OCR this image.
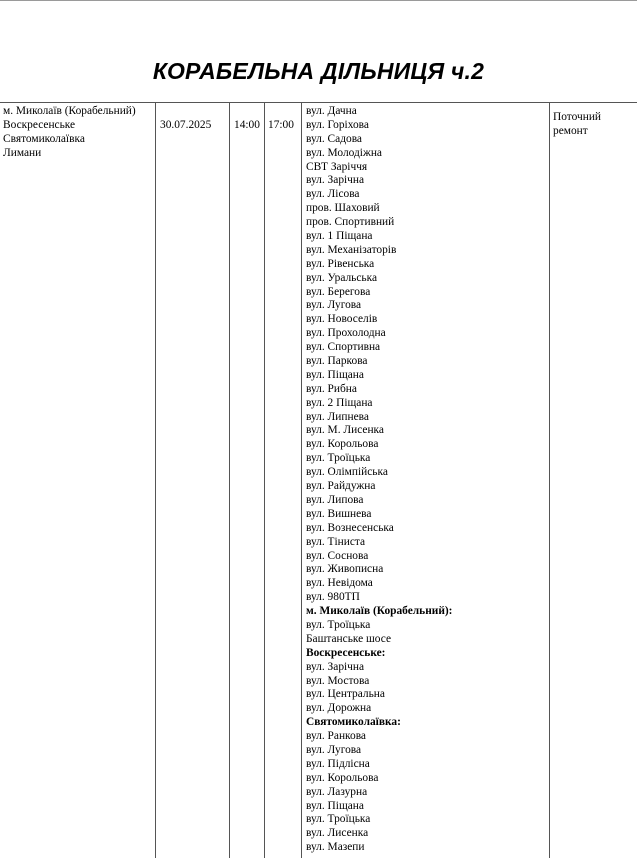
КОРАБЕЛЬНА ДІЛЬНИЦЯ ч.2
м. Миколаїв (Корабельний)
Воскресенське
Святомиколаївка
Лимани
30.07.2025 14:00 17:00
вул. Дачна
вул. Горіхова
вул. Садова
вул. Молодіжна
СВТ Заріччя
вул. Зарічна
вул. Лісова
пров. Шаховий
пров. Спортивний
вул. 1 Піщана
вул. Механізаторів
вул. Рівенська
вул. Уральська
вул. Берегова
вул. Лугова
вул. Новоселів
вул. Прохолодна
вул. Спортивна
вул. Паркова
вул. Піщана
вул. Рибна
вул. 2 Піщана
вул. Липнева
вул. М. Лисенка
вул. Корольова
вул. Троїцька
вул. Олімпійська
вул. Райдужна
вул. Липова
вул. Вишнева
вул. Вознесенська
вул. Тіниста
вул. Соснова
вул. Живописна
вул. Невідома
вул. 980ТП
м. Миколаїв (Корабельний):
вул. Троїцька
Баштанське шосе
Воскресенське:
вул. Зарічна
вул. Мостова
вул. Центральна
вул. Дорожна
Святомиколаївка:
вул. Ранкова
вул. Лугова
вул. Підлісна
вул. Корольова
вул. Лазурна
вул. Піщана
вул. Троїцька
вул. Лисенка
вул. Мазепи
Поточний ремонт
